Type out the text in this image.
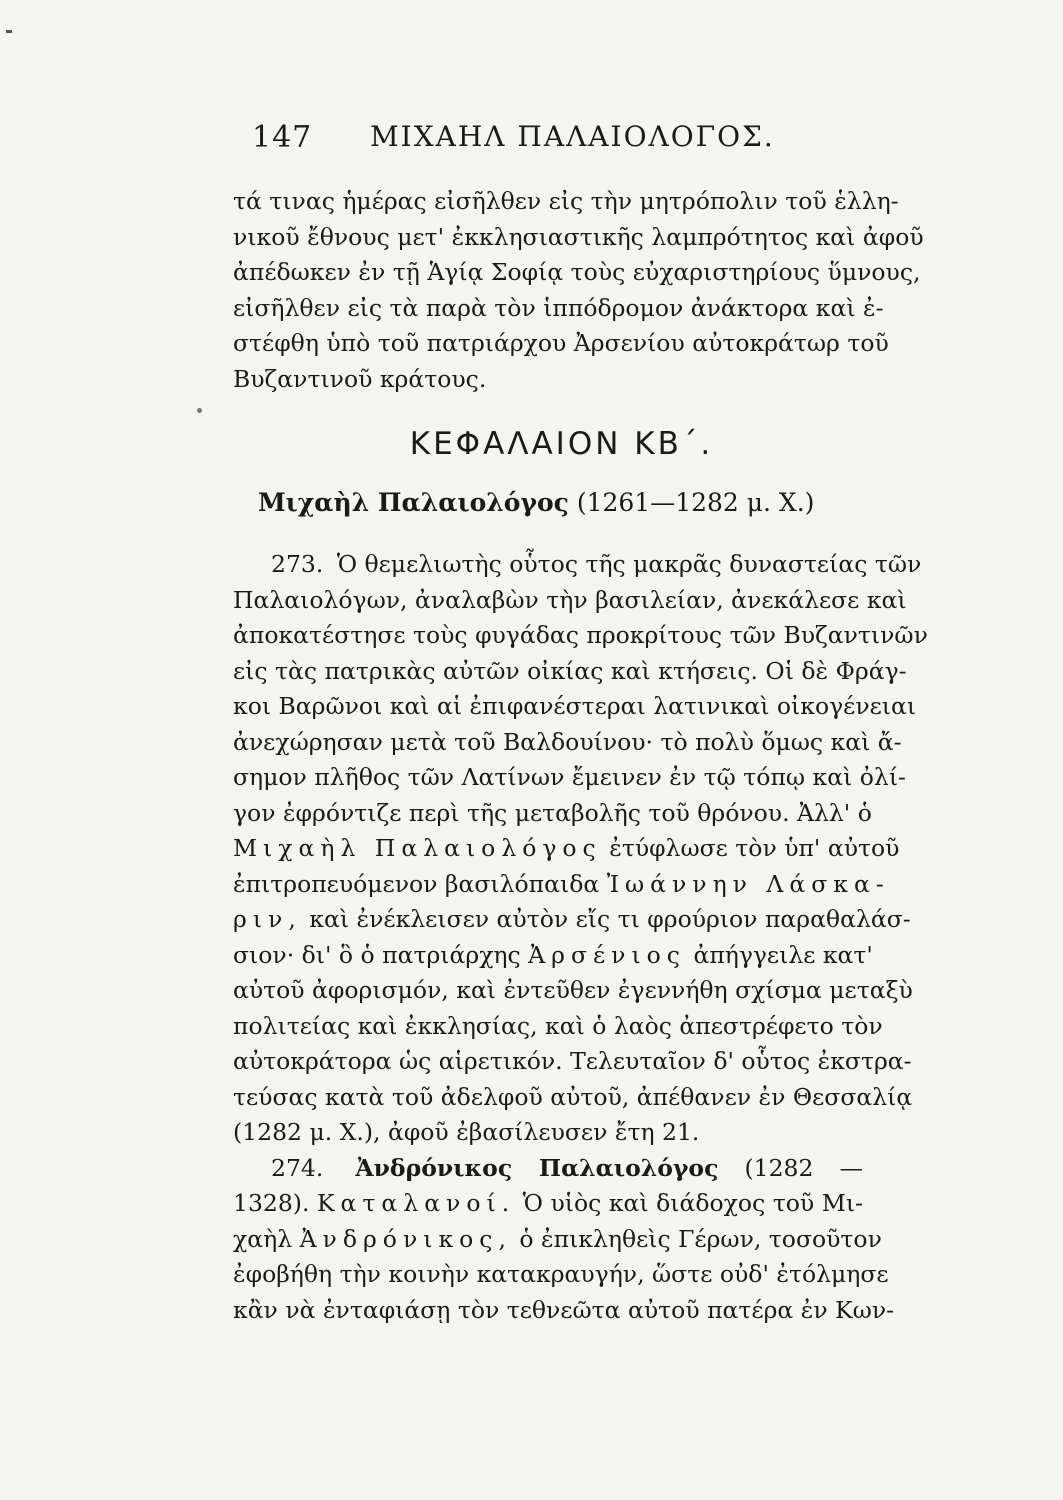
147 ΜΙΧΑΗΛ ΠΑΛΑΙΟΛΟΓΟΣ.
τά τινας ἡμέρας εἰσῆλθεν εἰς τὴν μητρόπολιν τοῦ ἑλλη-
νικοῦ ἔθνους μετ' ἐκκλησιαστικῆς λαμπρότητος καὶ ἀφοῦ
ἀπέδωκεν ἐν τῇ Ἁγίᾳ Σοφίᾳ τοὺς εὐχαριστηρίους ὕμνους,
εἰσῆλθεν εἰς τὰ παρὰ τὸν ἱππόδρομον ἀνάκτορα καὶ ἐ-
στέφθη ὑπὸ τοῦ πατριάρχου Ἀρσενίου αὐτοκράτωρ τοῦ
Βυζαντινοῦ κράτους.
ΚΕΦΑΛΑΙΟΝ ΚΒ΄.
Μιχαὴλ Παλαιολόγος (1261—1282 μ. Χ.)
273. Ὁ θεμελιωτὴς οὗτος τῆς μακρᾶς δυναστείας τῶν
Παλαιολόγων, ἀναλαβὼν τὴν βασιλείαν, ἀνεκάλεσε καὶ
ἀποκατέστησε τοὺς φυγάδας προκρίτους τῶν Βυζαντινῶν
εἰς τὰς πατρικὰς αὐτῶν οἰκίας καὶ κτήσεις. Οἱ δὲ Φράγ-
κοι Βαρῶνοι καὶ αἱ ἐπιφανέστεραι λατινικαὶ οἰκογένειαι
ἀνεχώρησαν μετὰ τοῦ Βαλδουίνου· τὸ πολὺ ὅμως καὶ ἄ-
σημον πλῆθος τῶν Λατίνων ἔμεινεν ἐν τῷ τόπῳ καὶ ὀλί-
γον ἐφρόντιζε περὶ τῆς μεταβολῆς τοῦ θρόνου. Ἀλλ' ὁ
Μιχαὴλ Παλαιολόγος ἐτύφλωσε τὸν ὑπ' αὐτοῦ
ἐπιτροπευόμενον βασιλόπαιδα Ἰωάννην Λάσκα-
ριν, καὶ ἐνέκλεισεν αὐτὸν εἴς τι φρούριον παραθαλάσ-
σιον· δι' ὃ ὁ πατριάρχης Ἀρσένιος ἀπήγγειλε κατ'
αὐτοῦ ἀφορισμόν, καὶ ἐντεῦθεν ἐγεννήθη σχίσμα μεταξὺ
πολιτείας καὶ ἐκκλησίας, καὶ ὁ λαὸς ἀπεστρέφετο τὸν
αὐτοκράτορα ὡς αἱρετικόν. Τελευταῖον δ' οὗτος ἐκστρα-
τεύσας κατὰ τοῦ ἀδελφοῦ αὐτοῦ, ἀπέθανεν ἐν Θεσσαλίᾳ
(1282 μ. Χ.), ἀφοῦ ἐβασίλευσεν ἔτη 21.
274. Ἀνδρόνικος Παλαιολόγος (1282 —
1328). Καταλανοί. Ὁ υἱὸς καὶ διάδοχος τοῦ Μι-
χαὴλ Ἀνδρόνικος, ὁ ἐπικληθεὶς Γέρων, τοσοῦτον
ἐφοβήθη τὴν κοινὴν κατακραυγήν, ὥστε οὐδ' ἐτόλμησε
κἂν νὰ ἐνταφιάσῃ τὸν τεθνεῶτα αὐτοῦ πατέρα ἐν Κων-
